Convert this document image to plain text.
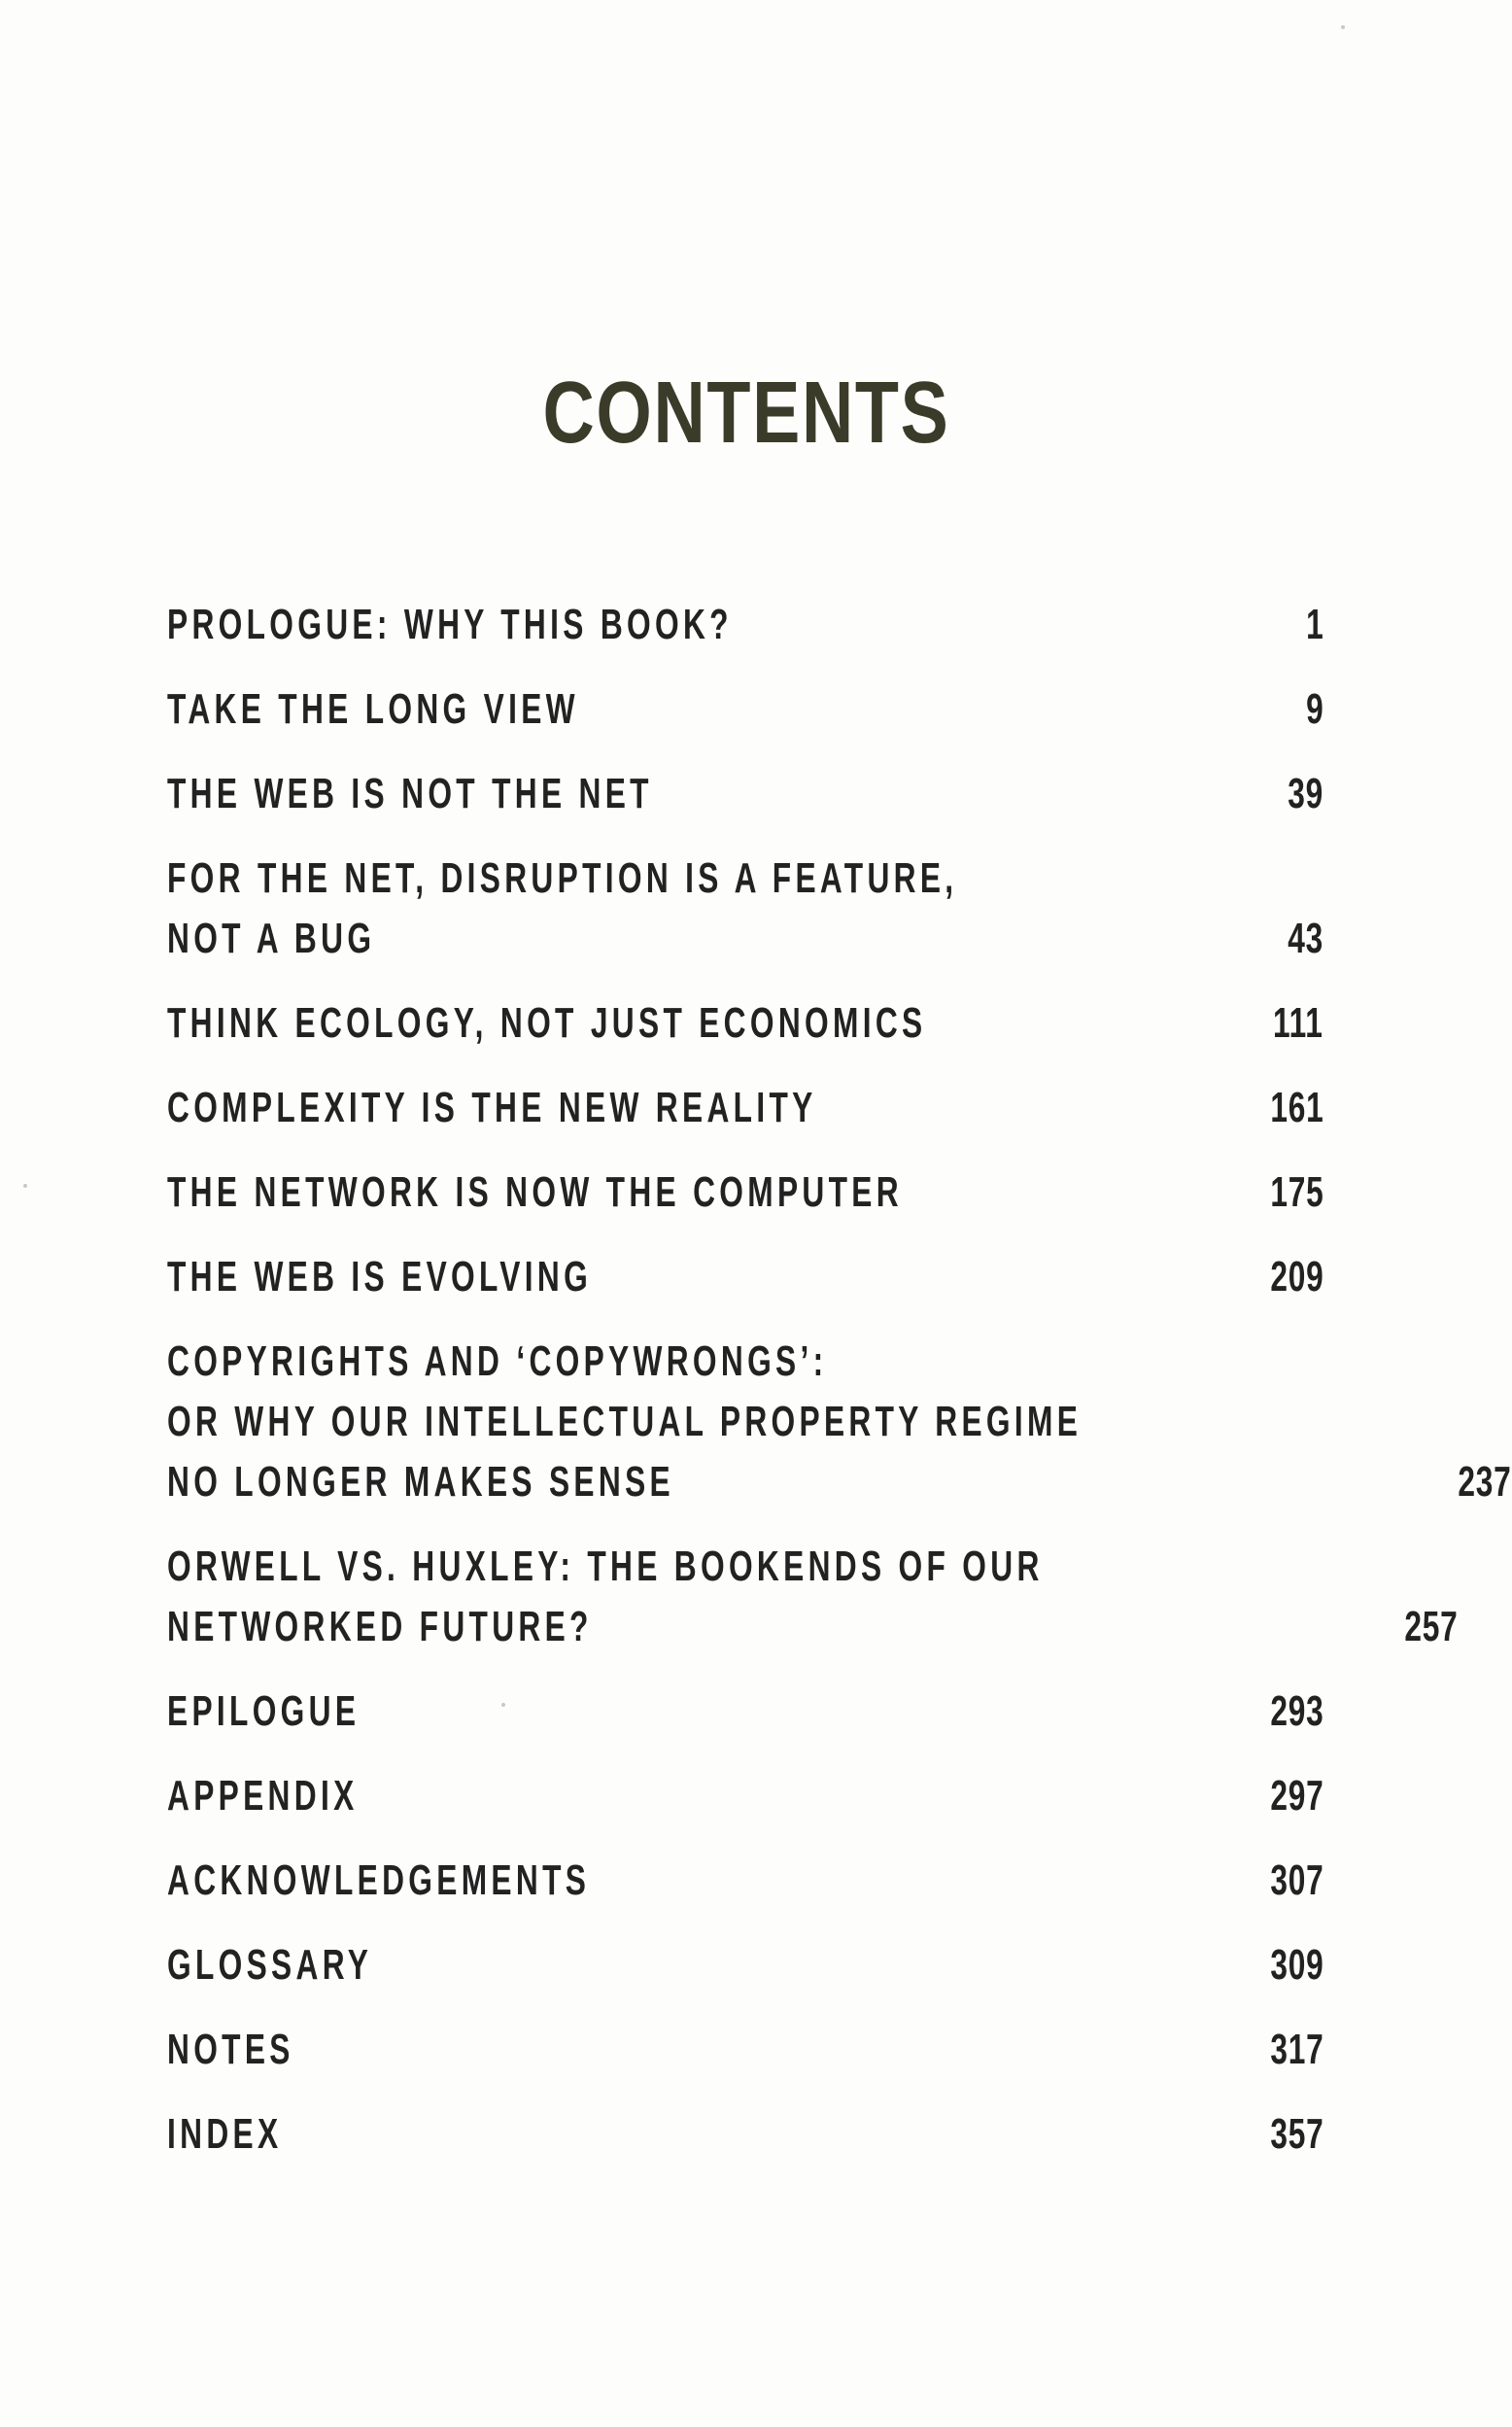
CONTENTS
PROLOGUE: WHY THIS BOOK?	1
TAKE THE LONG VIEW	9
THE WEB IS NOT THE NET	39
FOR THE NET, DISRUPTION IS A FEATURE,
NOT A BUG	43
THINK ECOLOGY, NOT JUST ECONOMICS	111
COMPLEXITY IS THE NEW REALITY	161
THE NETWORK IS NOW THE COMPUTER	175
THE WEB IS EVOLVING	209
COPYRIGHTS AND ‘COPYWRONGS’:
OR WHY OUR INTELLECTUAL PROPERTY REGIME
NO LONGER MAKES SENSE	237
ORWELL VS. HUXLEY: THE BOOKENDS OF OUR
NETWORKED FUTURE?	257
EPILOGUE	293
APPENDIX	297
ACKNOWLEDGEMENTS	307
GLOSSARY	309
NOTES	317
INDEX	357
